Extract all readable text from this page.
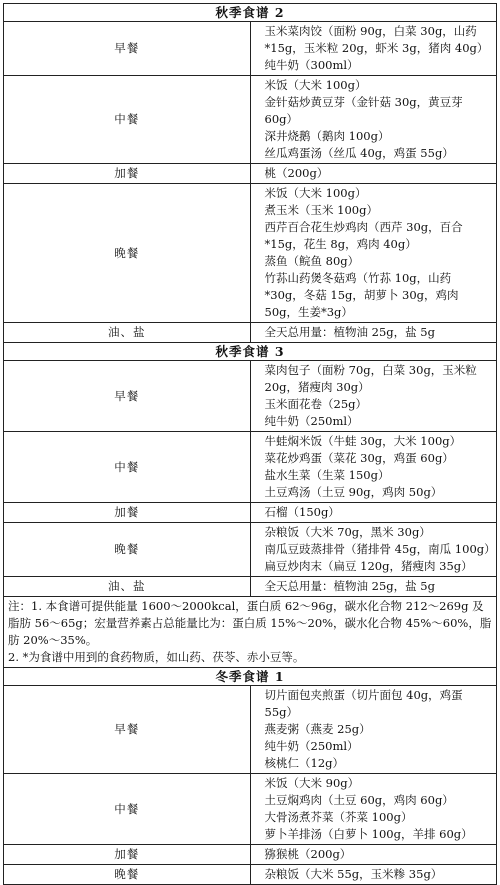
秋季食谱 2	
早餐	玉米菜肉饺（面粉 90g，白菜 30g，山药*15g，玉米粒 20g，虾米 3g，猪肉 40g）
纯牛奶（300ml）

中餐	米饭（大米 100g）
金针菇炒黄豆芽（金针菇 30g，黄豆芽 60g）
深井烧鹅（鹅肉 100g）
丝瓜鸡蛋汤（丝瓜 40g，鸡蛋 55g）

加餐	桃（200g）

晚餐	米饭（大米 100g）
煮玉米（玉米 100g）
西芹百合花生炒鸡肉（西芹 30g，百合*15g，花生 8g，鸡肉 40g）
蒸鱼（鲩鱼 80g）
竹荪山药煲冬菇鸡（竹荪 10g，山药*30g，冬菇 15g，胡萝卜 30g，鸡肉 50g，生姜*3g）

油、盐	全天总用量：植物油 25g，盐 5g

秋季食谱 3	
早餐	菜肉包子（面粉 70g，白菜 30g，玉米粒 20g，猪瘦肉 30g）
玉米面花卷（25g）
纯牛奶（250ml）

中餐	牛蛙焖米饭（牛蛙 30g，大米 100g）
菜花炒鸡蛋（菜花 30g，鸡蛋 60g）
盐水生菜（生菜 150g）
土豆鸡汤（土豆 90g，鸡肉 50g）

加餐	石榴（150g）

晚餐	杂粮饭（大米 70g，黑米 30g）
南瓜豆豉蒸排骨（猪排骨 45g，南瓜 100g）
扁豆炒肉末（扁豆 120g，猪瘦肉 35g）

油、盐	全天总用量：植物油 25g，盐 5g

注：1. 本食谱可提供能量 1600～2000kcal，蛋白质 62～96g，碳水化合物 212～269g 及脂肪 56～65g；宏量营养素占总能量比为：蛋白质 15%～20%，碳水化合物 45%～60%，脂肪 20%～35%。
2. *为食谱中用到的食药物质，如山药、茯苓、赤小豆等。	

冬季食谱 1	
早餐	切片面包夹煎蛋（切片面包 40g，鸡蛋 55g）
燕麦粥（燕麦 25g）
纯牛奶（250ml）
核桃仁（12g）

中餐	米饭（大米 90g）
土豆焖鸡肉（土豆 60g，鸡肉 60g）
大骨汤煮芥菜（芥菜 100g）
萝卜羊排汤（白萝卜 100g，羊排 60g）

加餐	猕猴桃（200g）

晚餐	杂粮饭（大米 55g，玉米糁 35g）
